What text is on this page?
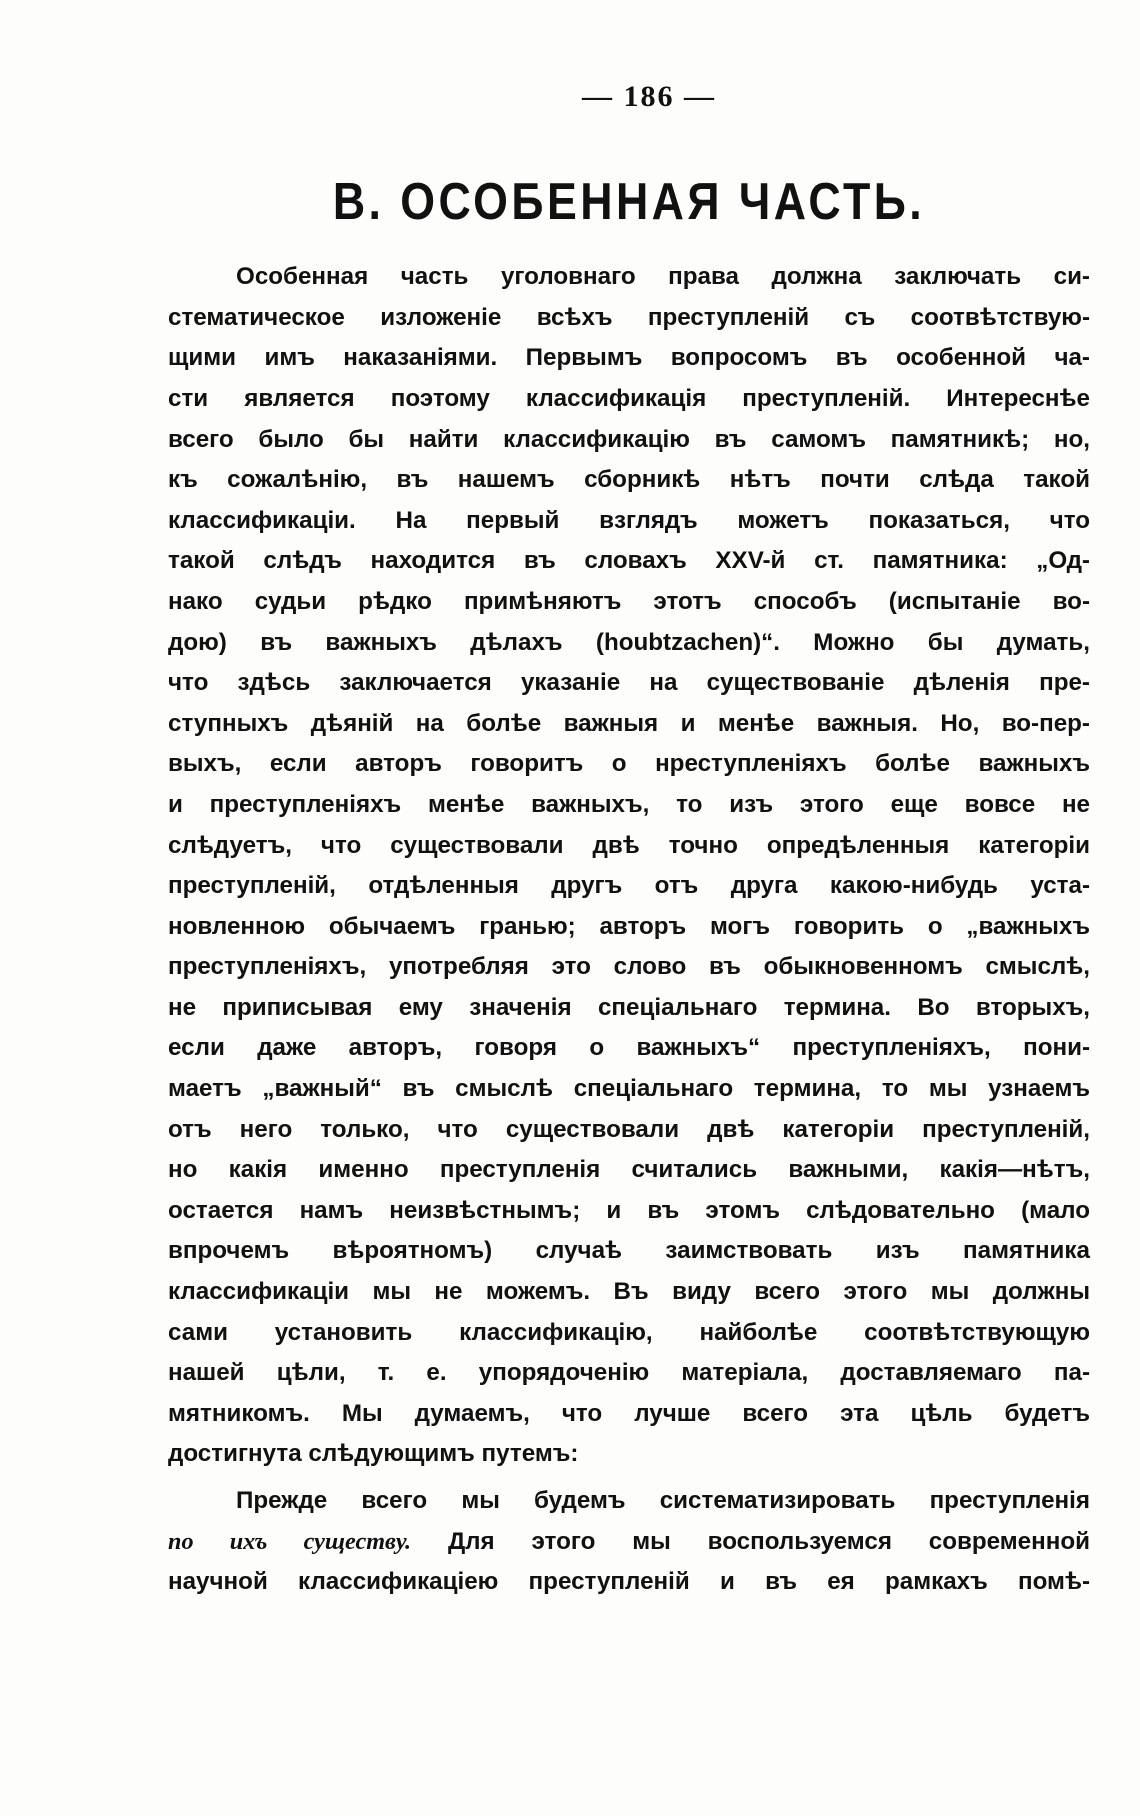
— 186 —
В. ОСОБЕННАЯ ЧАСТЬ.
Особенная часть уголовнаго права должна заключать си-
стематическое изложеніе всѣхъ преступленій съ соотвѣтствую-
щими имъ наказаніями. Первымъ вопросомъ въ особенной ча-
сти является поэтому классификація преступленій. Интереснѣе
всего было бы найти классификацію въ самомъ памятникѣ; но,
къ сожалѣнію, въ нашемъ сборникѣ нѣтъ почти слѣда такой
классификаціи. На первый взглядъ можетъ показаться, что
такой слѣдъ находится въ словахъ XXV-й ст. памятника: „Од-
нако судьи рѣдко примѣняютъ этотъ способъ (испытаніе во-
дою) въ важныхъ дѣлахъ (houbtzachen)“. Можно бы думать,
что здѣсь заключается указаніе на существованіе дѣленія пре-
ступныхъ дѣяній на болѣе важныя и менѣе важныя. Но, во-пер-
выхъ, если авторъ говоритъ о нреступленіяхъ болѣе важныхъ
и преступленіяхъ менѣе важныхъ, то изъ этого еще вовсе не
слѣдуетъ, что существовали двѣ точно опредѣленныя категоріи
преступленій, отдѣленныя другъ отъ друга какою-нибудь уста-
новленною обычаемъ гранью; авторъ могъ говорить о „важныхъ
преступленіяхъ, употребляя это слово въ обыкновенномъ смыслѣ,
не приписывая ему значенія спеціальнаго термина. Во вторыхъ,
если даже авторъ, говоря о важныхъ“ преступленіяхъ, пони-
маетъ „важный“ въ смыслѣ спеціальнаго термина, то мы узнаемъ
отъ него только, что существовали двѣ категоріи преступленій,
но какія именно преступленія считались важными, какія—нѣтъ,
остается намъ неизвѣстнымъ; и въ этомъ слѣдовательно (мало
впрочемъ вѣроятномъ) случаѣ заимствовать изъ памятника
классификаціи мы не можемъ. Въ виду всего этого мы должны
сами установить классификацію, найболѣе соотвѣтствующую
нашей цѣли, т. е. упорядоченію матеріала, доставляемаго па-
мятникомъ. Мы думаемъ, что лучше всего эта цѣль будетъ
достигнута слѣдующимъ путемъ:
Прежде всего мы будемъ систематизировать преступленія
по ихъ существу. Для этого мы воспользуемся современной
научной классификаціею преступленій и въ ея рамкахъ помѣ-
